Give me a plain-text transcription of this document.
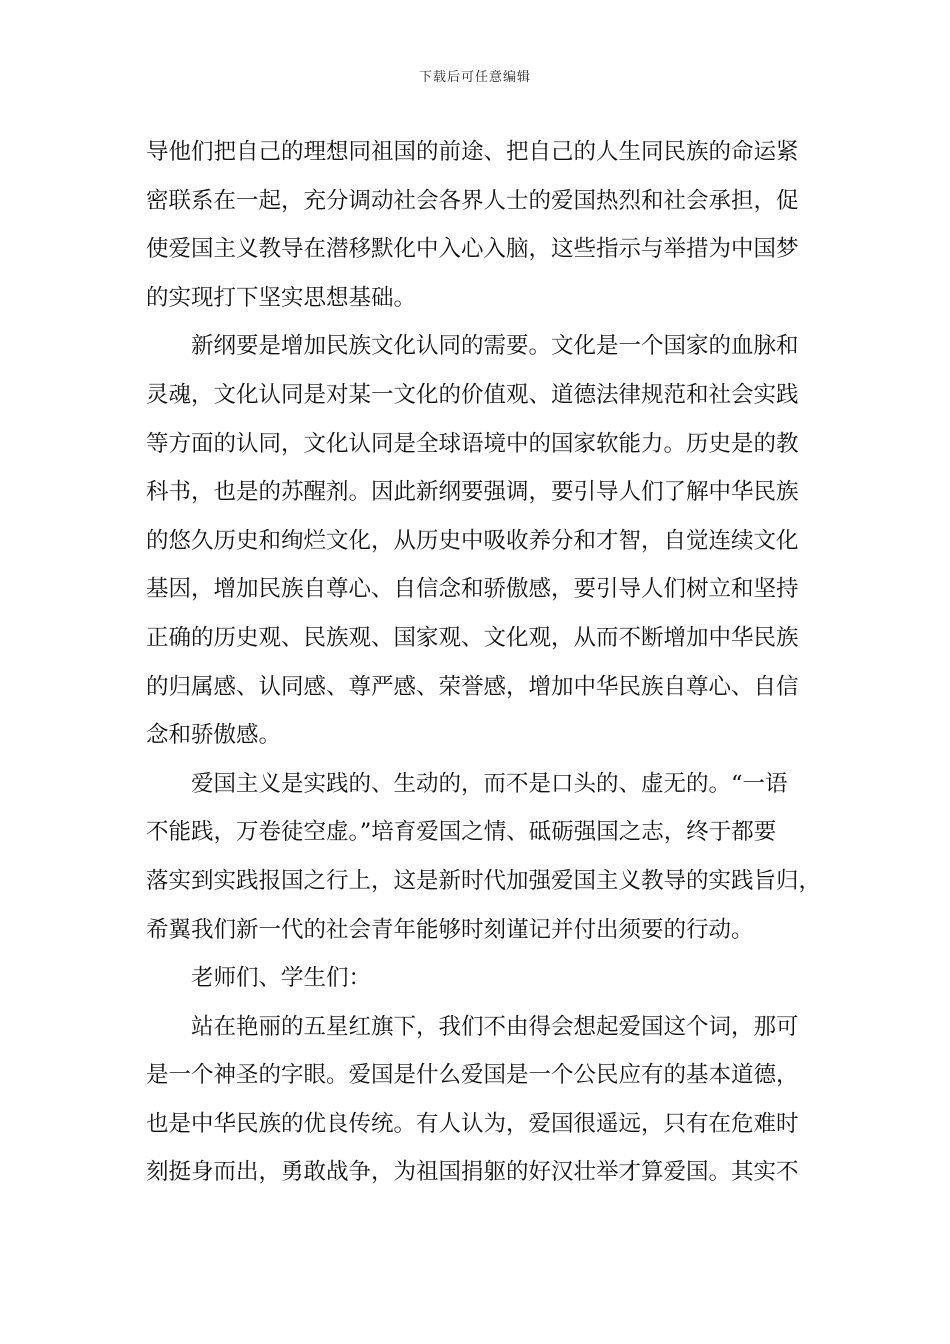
下载后可任意编辑
导他们把自己的理想同祖国的前途、把自己的人生同民族的命运紧
密联系在一起，充分调动社会各界人士的爱国热烈和社会承担，促
使爱国主义教导在潜移默化中入心入脑，这些指示与举措为中国梦
的实现打下坚实思想基础。
新纲要是增加民族文化认同的需要。文化是一个国家的血脉和
灵魂，文化认同是对某一文化的价值观、道德法律规范和社会实践
等方面的认同，文化认同是全球语境中的国家软能力。历史是的教
科书，也是的苏醒剂。因此新纲要强调，要引导人们了解中华民族
的悠久历史和绚烂文化，从历史中吸收养分和才智，自觉连续文化
基因，增加民族自尊心、自信念和骄傲感，要引导人们树立和坚持
正确的历史观、民族观、国家观、文化观，从而不断增加中华民族
的归属感、认同感、尊严感、荣誉感，增加中华民族自尊心、自信
念和骄傲感。
爱国主义是实践的、生动的，而不是口头的、虚无的。“一语
不能践，万卷徒空虚。”培育爱国之情、砥砺强国之志，终于都要
落实到实践报国之行上，这是新时代加强爱国主义教导的实践旨归，
希翼我们新一代的社会青年能够时刻谨记并付出须要的行动。
老师们、学生们：
站在艳丽的五星红旗下，我们不由得会想起爱国这个词，那可
是一个神圣的字眼。爱国是什么爱国是一个公民应有的基本道德，
也是中华民族的优良传统。有人认为，爱国很遥远，只有在危难时
刻挺身而出，勇敢战争，为祖国捐躯的好汉壮举才算爱国。其实不
